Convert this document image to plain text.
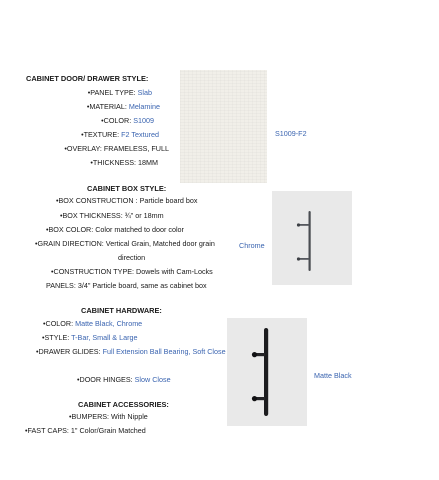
CABINET DOOR/ DRAWER STYLE:
•PANEL TYPE: Slab
•MATERIAL: Melamine
•COLOR: S1009
•TEXTURE: F2 Textured
•OVERLAY: FRAMELESS, FULL
•THICKNESS: 18MM
S1009-F2
CABINET BOX STYLE:
•BOX CONSTRUCTION : Particle board box
•BOX THICKNESS: ¾" or 18mm
•BOX COLOR: Color matched to door color
•GRAIN DIRECTION: Vertical Grain, Matched door grain
direction
•CONSTRUCTION TYPE: Dowels with Cam-Locks
PANELS: 3/4" Particle board, same as cabinet box
Chrome
CABINET HARDWARE:
•COLOR: Matte Black, Chrome
•STYLE: T-Bar, Small & Large
•DRAWER GLIDES: Full Extension Ball Bearing, Soft Close
•DOOR HINGES: Slow Close	Matte Black
CABINET ACCESSORIES:
•BUMPERS: With Nipple
•FAST CAPS: 1" Color/Grain Matched
